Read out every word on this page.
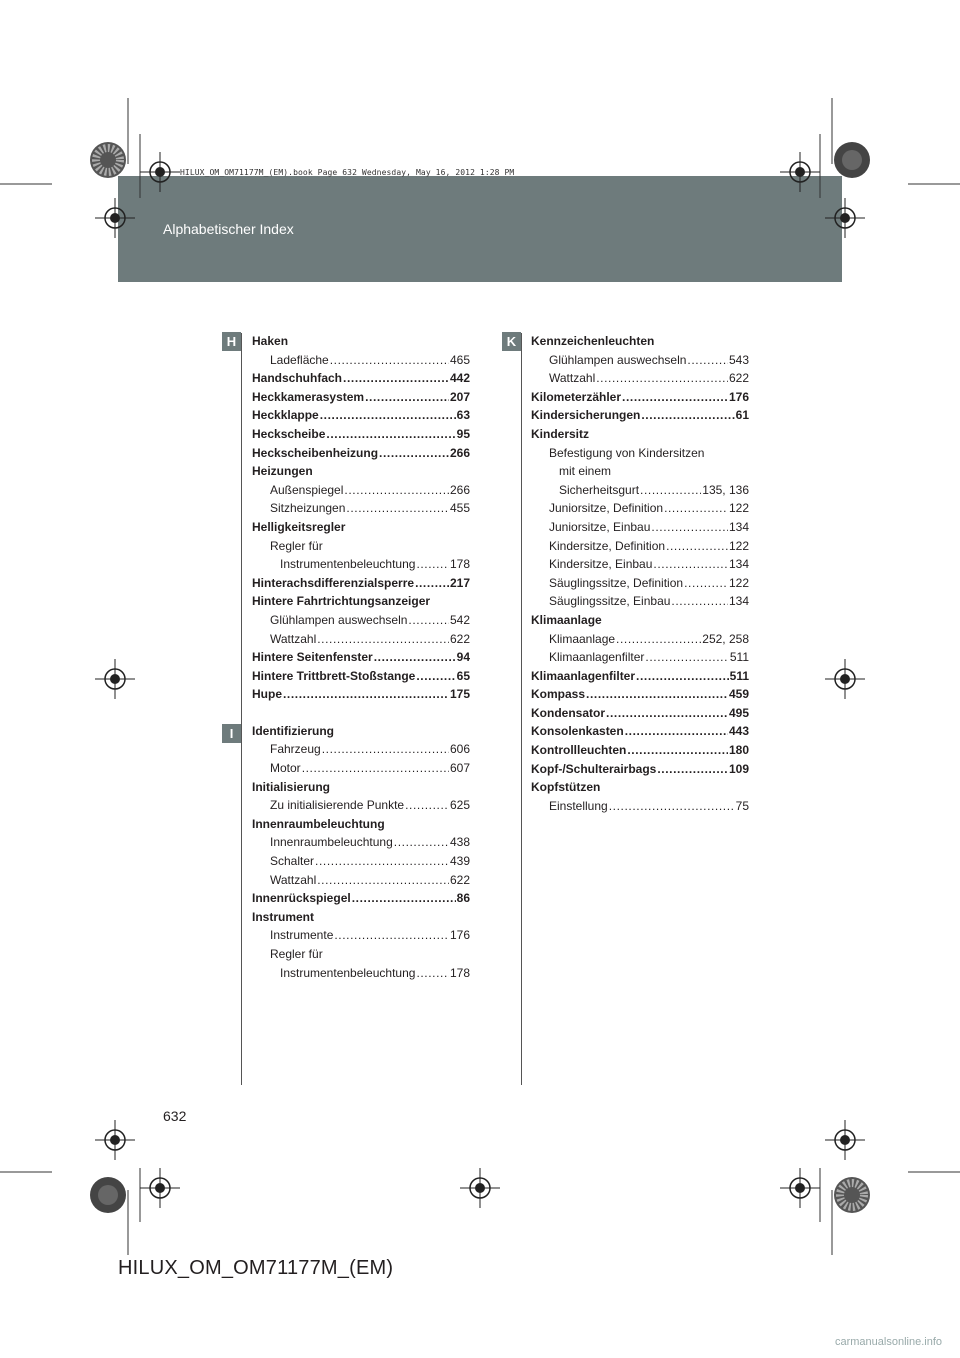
Alphabetischer Index
HILUX_OM_OM71177M_(EM).book Page 632 Wednesday, May 16, 2012 1:28 PM
H
I
K
Haken
Ladefläche .....	465
Handschuhfach .....	442
Heckkamerasystem .....	207
Heckklappe .....	63
Heckscheibe .....	95
Heckscheibenheizung .....	266
Heizungen
Außenspiegel .....	266
Sitzheizungen .....	455
Helligkeitsregler
Regler für
Instrumentenbeleuchtung .....	178
Hinterachsdifferenzialsperre .....	217
Hintere Fahrtrichtungsanzeiger
Glühlampen auswechseln .....	542
Wattzahl .....	622
Hintere Seitenfenster .....	94
Hintere Trittbrett-Stoßstange .....	65
Hupe .....	175
Identifizierung
Fahrzeug .....	606
Motor .....	607
Initialisierung
Zu initialisierende Punkte .....	625
Innenraumbeleuchtung
Innenraumbeleuchtung .....	438
Schalter .....	439
Wattzahl .....	622
Innenrückspiegel .....	86
Instrument
Instrumente .....	176
Regler für
Instrumentenbeleuchtung .....	178
Kennzeichenleuchten
Glühlampen auswechseln .....	543
Wattzahl .....	622
Kilometerzähler .....	176
Kindersicherungen .....	61
Kindersitz
Befestigung von Kindersitzen
mit einem
Sicherheitsgurt .....	135, 136
Juniorsitze, Definition .....	122
Juniorsitze, Einbau .....	134
Kindersitze, Definition .....	122
Kindersitze, Einbau .....	134
Säuglingssitze, Definition .....	122
Säuglingssitze, Einbau .....	134
Klimaanlage
Klimaanlage .....	252, 258
Klimaanlagenfilter .....	511
Klimaanlagenfilter .....	511
Kompass .....	459
Kondensator .....	495
Konsolenkasten .....	443
Kontrollleuchten .....	180
Kopf-/Schulterairbags .....	109
Kopfstützen
Einstellung .....	75
632
HILUX_OM_OM71177M_(EM)
carmanualsonline.info
